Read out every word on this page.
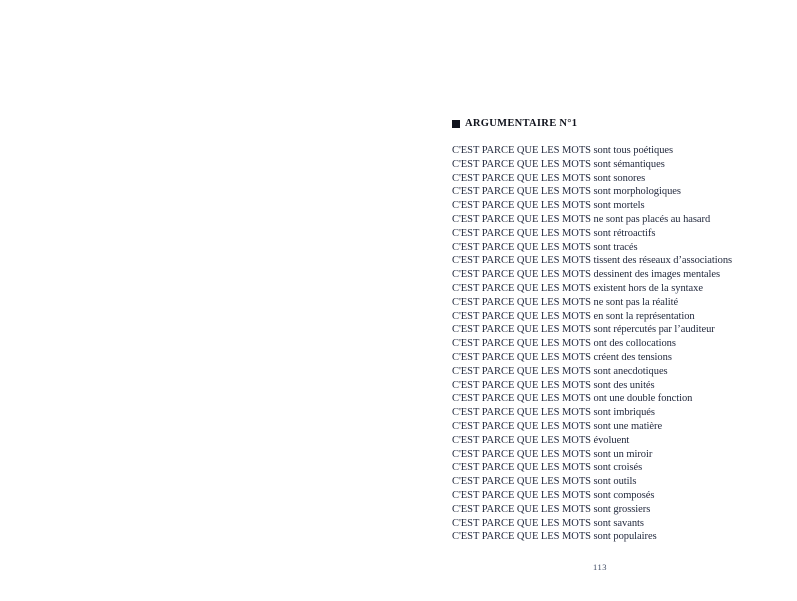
ARGUMENTAIRE N°1

C'EST PARCE QUE LES MOTS sont tous poétiques

C'EST PARCE QUE LES MOTS sont sémantiques

C'EST PARCE QUE LES MOTS sont sonores

C'EST PARCE QUE LES MOTS sont morphologiques

C'EST PARCE QUE LES MOTS sont mortels

C'EST PARCE QUE LES MOTS ne sont pas placés au hasard

C'EST PARCE QUE LES MOTS sont rétroactifs

C'EST PARCE QUE LES MOTS sont tracés

C'EST PARCE QUE LES MOTS tissent des réseaux d’associations

C'EST PARCE QUE LES MOTS dessinent des images mentales

C'EST PARCE QUE LES MOTS existent hors de la syntaxe

C'EST PARCE QUE LES MOTS ne sont pas la réalité

C'EST PARCE QUE LES MOTS en sont la représentation

C'EST PARCE QUE LES MOTS sont répercutés par l’auditeur

C'EST PARCE QUE LES MOTS ont des collocations

C'EST PARCE QUE LES MOTS créent des tensions

C'EST PARCE QUE LES MOTS sont anecdotiques

C'EST PARCE QUE LES MOTS sont des unités

C'EST PARCE QUE LES MOTS ont une double fonction

C'EST PARCE QUE LES MOTS sont imbriqués

C'EST PARCE QUE LES MOTS sont une matière

C'EST PARCE QUE LES MOTS évoluent

C'EST PARCE QUE LES MOTS sont un miroir

C'EST PARCE QUE LES MOTS sont croisés

C'EST PARCE QUE LES MOTS sont outils

C'EST PARCE QUE LES MOTS sont composés

C'EST PARCE QUE LES MOTS sont grossiers

C'EST PARCE QUE LES MOTS sont savants

C'EST PARCE QUE LES MOTS sont populaires

113
